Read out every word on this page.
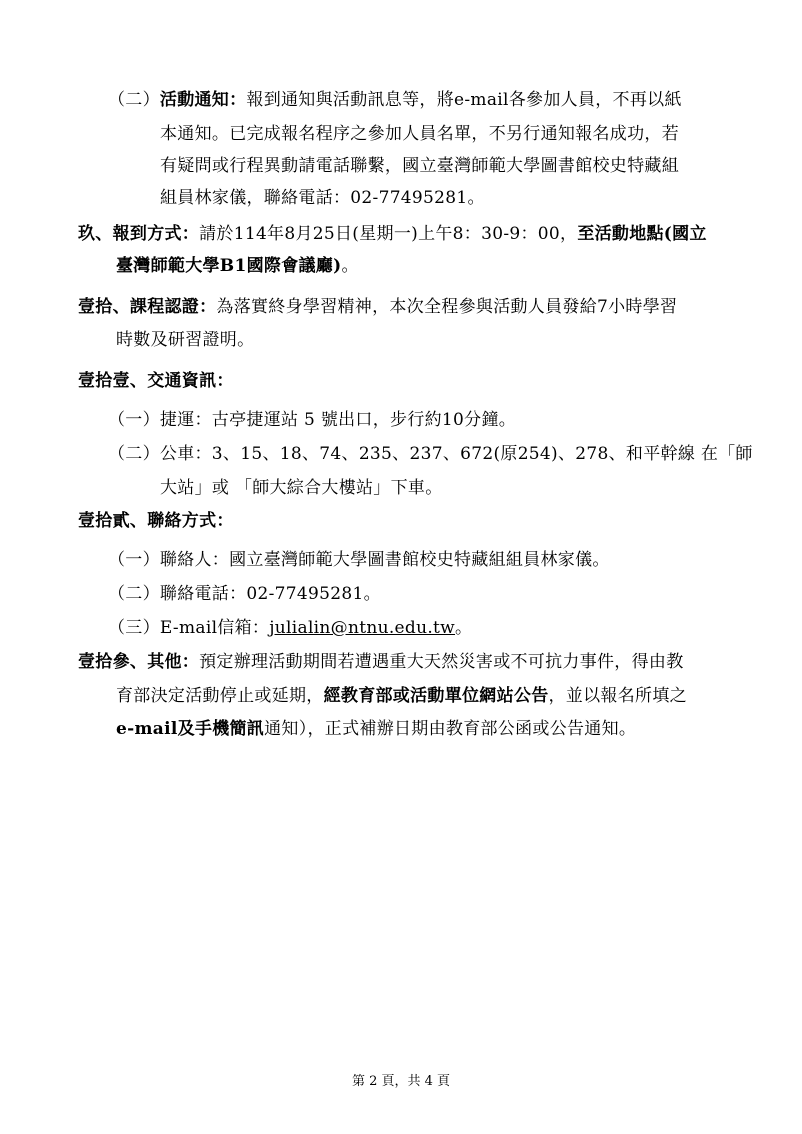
（二）活動通知：報到通知與活動訊息等，將e-mail各參加人員，不再以紙
本通知。已完成報名程序之參加人員名單，不另行通知報名成功，若
有疑問或行程異動請電話聯繫，國立臺灣師範大學圖書館校史特藏組
組員林家儀，聯絡電話：02-77495281。
玖、報到方式：請於114年8月25日(星期一)上午8：30-9：00，至活動地點(國立
臺灣師範大學B1國際會議廳)。
壹拾、課程認證：為落實終身學習精神，本次全程參與活動人員發給7小時學習
時數及研習證明。
壹拾壹、交通資訊：
（一）捷運：古亭捷運站 5 號出口，步行約10分鐘。
（二）公車：3、15、18、74、235、237、672(原254)、278、和平幹線 在「師
大站」或 「師大綜合大樓站」下車。
壹拾貳、聯絡方式：
（一）聯絡人：國立臺灣師範大學圖書館校史特藏組組員林家儀。
（二）聯絡電話：02-77495281。
（三）E-mail信箱：julialin@ntnu.edu.tw。
壹拾參、其他：預定辦理活動期間若遭遇重大天然災害或不可抗力事件，得由教
育部決定活動停止或延期，經教育部或活動單位網站公告，並以報名所填之
e-mail及手機簡訊通知），正式補辦日期由教育部公函或公告通知。
第 2 頁，共 4 頁
